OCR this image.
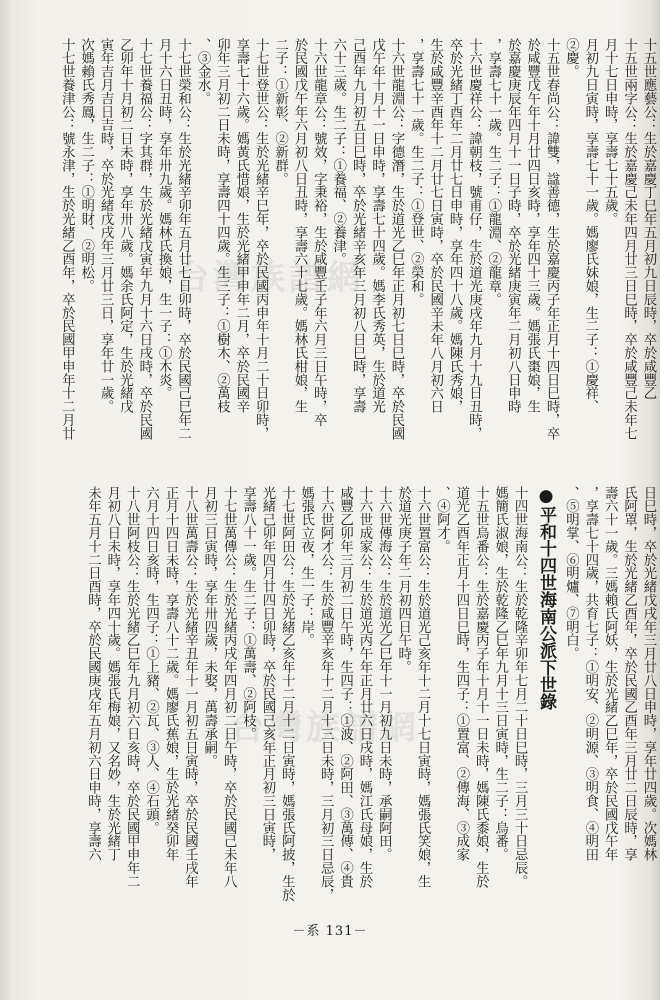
台灣族譜網
台灣族譜網
十五世應藝公：生於嘉慶丁巳年五月初九日辰時，卒於咸豐乙
十五世兩字公：生於嘉慶己未年四月廿三日巳時，卒於咸豐己未年七
月十七日申時，享壽七十五歲。
月初九日寅時，享壽七十一歲。媽廖氏妹娘，生二子：①慶祥、
②慶。
十五世春尚公：諱雙，諡善德，生於嘉慶丙子年正月十四日巳時，卒
於咸豐戊午年十月廿四日亥時，享年四十三歲。媽張氏棗娘，生
於嘉慶庚辰年四月十一日子時，卒於光緒庚寅年二月初八日申時
，享壽七十一歲。生二子：①龍淵、②龍章。
十六世慶祥公：諱朝枝，號甫仔，生於道光庚戌年九月十九日丑時，
卒於光緒丁酉年二月廿七日申時，享年四十八歲。媽陳氏秀娘，
生於咸豐辛酉年十二月廿七日寅時，卒於民國辛未年八月初六日
，享壽七十一歲。生二子：①登世、②榮和。
十六世龍淵公：字德潛，生於道光乙巳年正月初七日巳時，卒於民國
戊午年十月十一日申時，享壽七十四歲。媽李氏秀英，生於道光
己酉年九月初五日巳時，卒於光緒辛亥年三月初八日巳時，享壽
六十三歲。生二子：①養福、②養津。
十六世龍章公：號效，字秉裕，生於咸豐壬子年六月三日午時，卒
於民國戊午年六月初八日丑時，享壽六十七歲。媽林氏柑娘，生
二子：①新彰、②新群。
十七世登世公：生於光緒辛巳年，卒於民國丙申年十月二十日卯時，
享壽七十六歲。媽黃氏惜娘，生於光緒甲申年二月，卒於民國辛
卯年三月初二日未時，享壽四十四歲。生三子：①樹木、②萬枝
、③金水。
十七世榮和公：生於光緒辛卯年五月廿七日卯時，卒於民國己巳年二
月十六日丑時，享年卅九歲。媽林氏換娘，生一子：①木炎。
十七世養福公：字其群，生於光緒戊寅年九月十六日戌時，卒於民國
乙卯年十月初二日未時，享年卅八歲。媽余氏阿定，生於光緒戊
寅年吉月吉日吉時，卒於光緒戊戌年三月廿三日，享年廿一歲。
次媽賴氏秀鳳，生二子：①明財、②明松。
十七世養津公：號永津，生於光緒乙酉年，卒於民國甲申年十二月廿
日巳時，卒於光緒戊戌年三月廿八日申時，享年廿四歲。次媽林
氏阿罩，生於光緒乙酉年，卒於民國乙酉年三月廿二日辰時，享
壽六十一歲。三媽賴氏阿妖，生於光緒乙巳年，卒於民國戊午年
，享壽七十四歲，共育七子：①明安、②明源、③明食、④明田
、⑤明掌、⑥明爐、⑦明白。
●平和十四世海南公派下世錄
十四世海南公：生於乾隆辛卯年七月二十日巳時，三月三十日忌辰。
媽簡氏淑娘，生於乾隆乙巳年九月十三日寅時，生二子：烏番。
十五世烏番公：生於嘉慶丙子年十月十一日未時，媽陳氏黍娘，生於
道光乙酉年正月十四日巳時，生四子：①置富、②傳海、③成家
、④阿才。
十六世置富公：生於道光己亥年十二月十七日寅時，媽張氏笑娘，生
於道光庚子年二月初四日午時。
十六世傳海公：生於道光乙巳年十一月初九日未時，承嗣阿田。
十六世成家公：生於道光丙午年正月廿六日戌時，媽江氏母娘，生於
咸豐乙卯年三月初二日午時，生四子：①波、②阿田、③萬傳、④貴
十六世阿才公：生於咸豐辛亥年十二月十三日未時，三月初三日忌辰，
媽張氏立夜，生一子：岸。
十七世阿田公：生於光緒乙亥年十二月十二日寅時，媽張氏阿披，生於
光緒己卯年四月廿四日卯時，卒於民國己亥年正月初三日寅時，
享壽八十一歲。生二子：①萬壽、②阿枝。
十七世萬傳公：生於光緒丙戌年四月初二日午時，卒於民國己未年八
月初三日寅時，享年卅四歲，未娶，萬壽承嗣。
十八世萬壽公：生於光緒辛丑年十一月初五日寅時，卒於民國壬戌年
正月十四日未時，享壽八十二歲。媽廖氏蕉娘，生於光緒癸卯年
六月十四日亥時，生四子：①上豬、②瓦、③人、④石頭。
十八世阿枝公：生於光緒乙巳年九月初六日亥時，卒於民國甲申年二
月初八日未時，享年四十歲。媽張氏梅娘，又名妙，生於光緒丁
未年五月十二日酉時，卒於民國庚戌年五月初六日申時，享壽六
－系 131－
